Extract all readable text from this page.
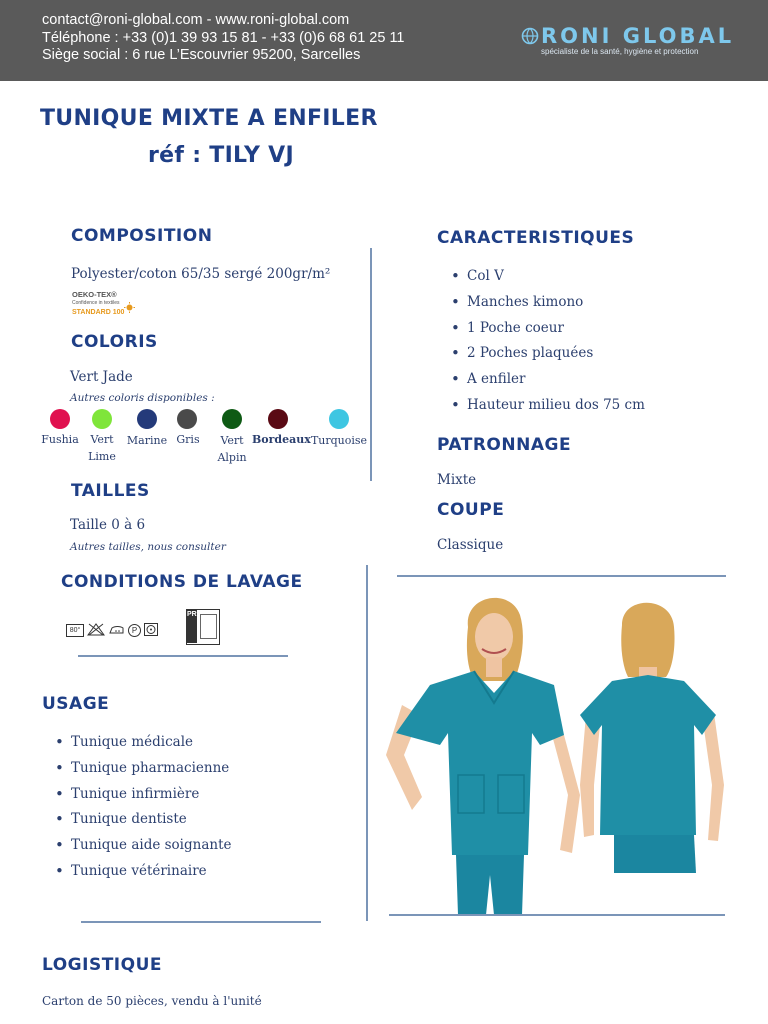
contact@roni-global.com - www.roni-global.com
Téléphone : +33 (0)1 39 93 15 81 - +33 (0)6 68 61 25 11
Siège social : 6 rue L’Escouvrier 95200, Sarcelles
RONI GLOBAL
spécialiste de la santé, hygiène et protection
TUNIQUE MIXTE A ENFILER
réf : TILY VJ
COMPOSITION
Polyester/coton 65/35 sergé 200gr/m²
OEKO-TEX®
Confidence in textiles
STANDARD 100
COLORIS
Vert Jade
Autres coloris disponibles :
Fushia	Vert Lime
Marine Gris	Vert Alpin
Bordeaux Turquoise
TAILLES
Taille 0 à 6
Autres tailles, nous consulter
CONDITIONS DE LAVAGE
80°	P
PRO
USAGE
• Tunique médicale
• Tunique pharmacienne
• Tunique infirmière
• Tunique dentiste
• Tunique aide soignante
• Tunique vétérinaire
LOGISTIQUE
Carton de 50 pièces, vendu à l'unité
CARACTERISTIQUES
• Col V
• Manches kimono
• 1 Poche coeur
• 2 Poches plaquées
• A enfiler
• Hauteur milieu dos 75 cm
PATRONNAGE
Mixte
COUPE
Classique
